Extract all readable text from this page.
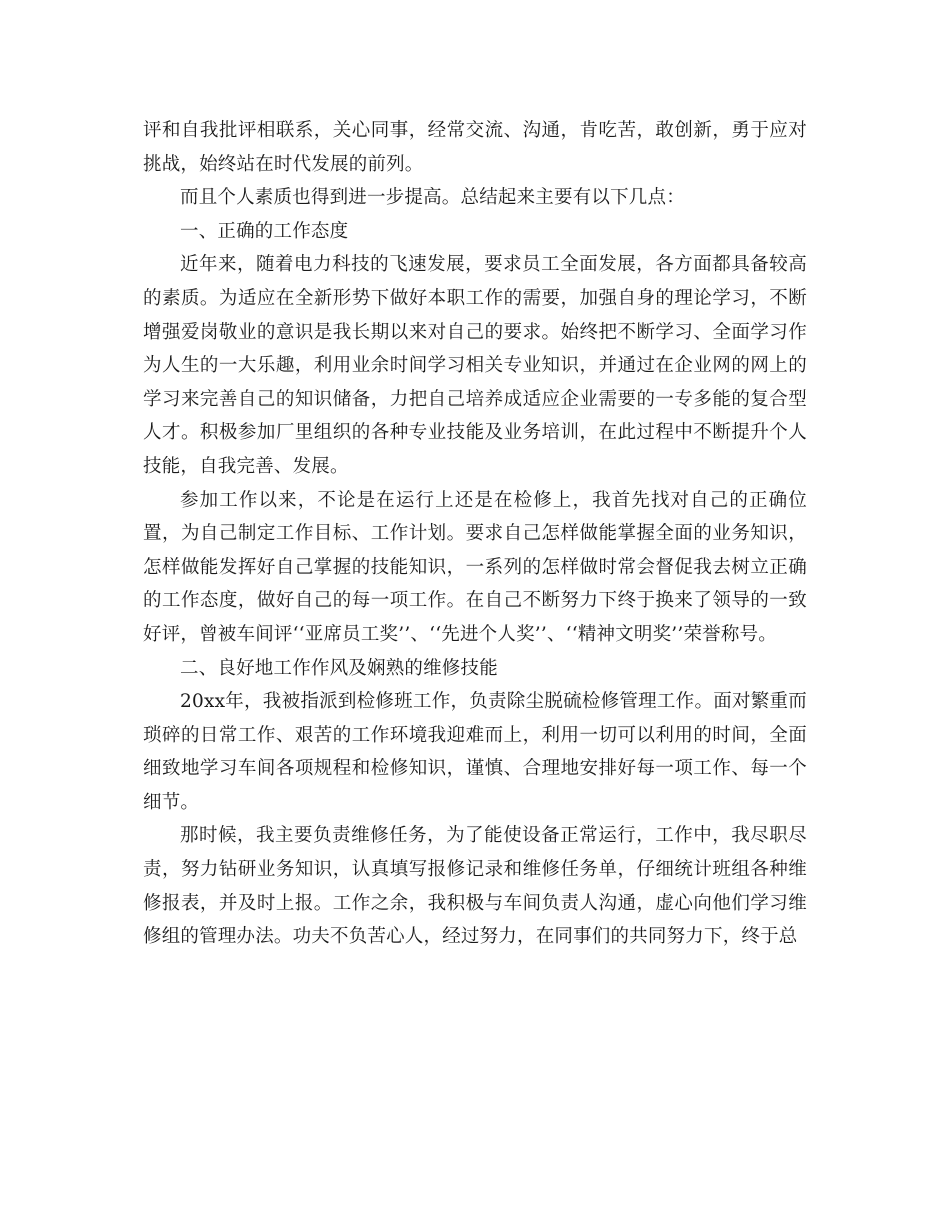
评和自我批评相联系，关心同事，经常交流、沟通，肯吃苦，敢创新，勇于应对挑战，始终站在时代发展的前列。

而且个人素质也得到进一步提高。总结起来主要有以下几点：

一、正确的工作态度

近年来，随着电力科技的飞速发展，要求员工全面发展，各方面都具备较高的素质。为适应在全新形势下做好本职工作的需要，加强自身的理论学习，不断增强爱岗敬业的意识是我长期以来对自己的要求。始终把不断学习、全面学习作为人生的一大乐趣，利用业余时间学习相关专业知识，并通过在企业网的网上的学习来完善自己的知识储备，力把自己培养成适应企业需要的一专多能的复合型人才。积极参加厂里组织的各种专业技能及业务培训，在此过程中不断提升个人技能，自我完善、发展。

参加工作以来，不论是在运行上还是在检修上，我首先找对自己的正确位置，为自己制定工作目标、工作计划。要求自己怎样做能掌握全面的业务知识，怎样做能发挥好自己掌握的技能知识，一系列的怎样做时常会督促我去树立正确的工作态度，做好自己的每一项工作。在自己不断努力下终于换来了领导的一致好评，曾被车间评‘‘亚席员工奖’’、‘‘先进个人奖’’、‘‘精神文明奖’’荣誉称号。

二、良好地工作作风及娴熟的维修技能

20xx年，我被指派到检修班工作，负责除尘脱硫检修管理工作。面对繁重而琐碎的日常工作、艰苦的工作环境我迎难而上，利用一切可以利用的时间，全面细致地学习车间各项规程和检修知识，谨慎、合理地安排好每一项工作、每一个细节。

那时候，我主要负责维修任务，为了能使设备正常运行，工作中，我尽职尽责，努力钻研业务知识，认真填写报修记录和维修任务单，仔细统计班组各种维修报表，并及时上报。工作之余，我积极与车间负责人沟通，虚心向他们学习维修组的管理办法。功夫不负苦心人，经过努力，在同事们的共同努力下，终于总
